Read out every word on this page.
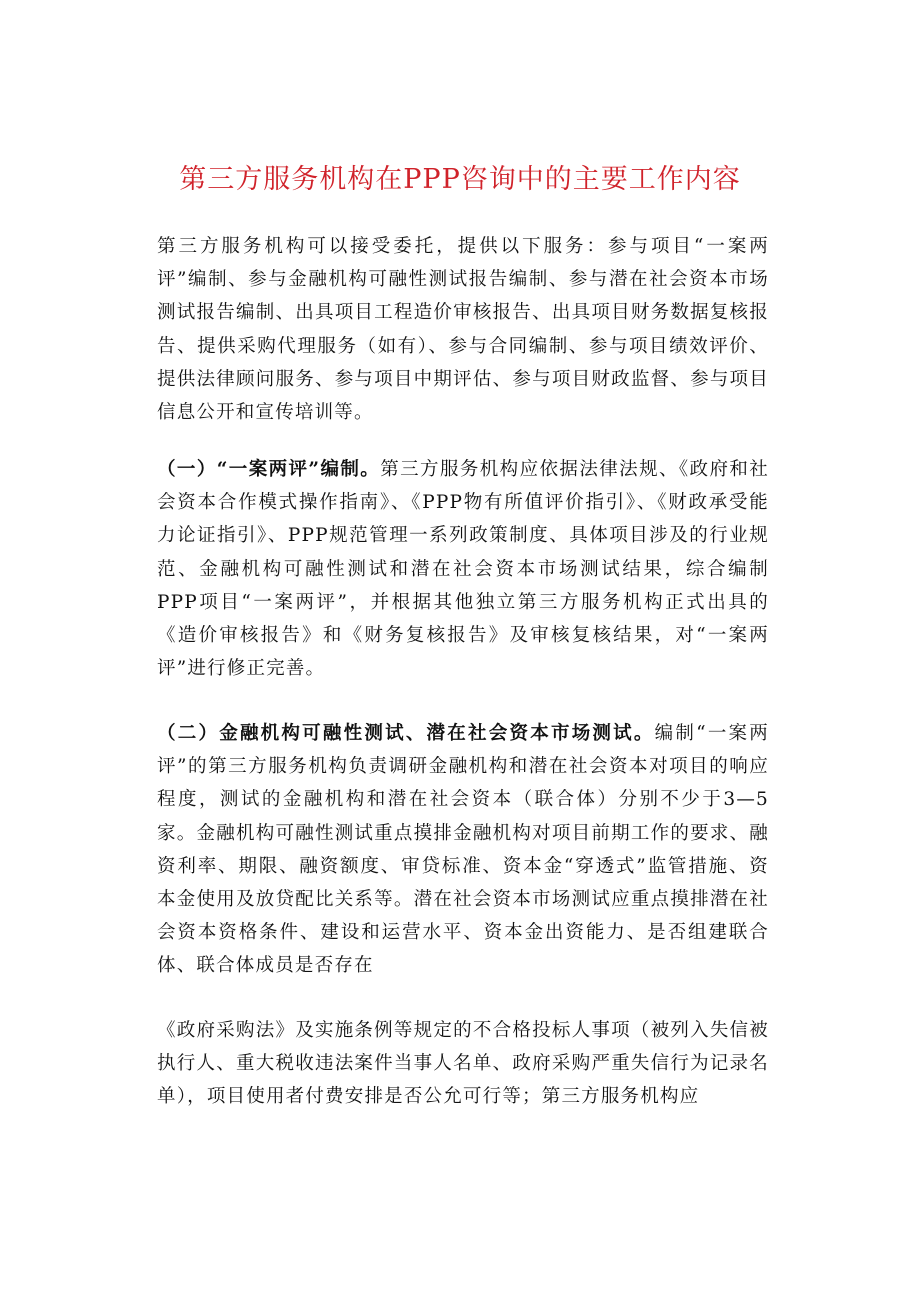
第三方服务机构在PPP咨询中的主要工作内容

第三方服务机构可以接受委托，提供以下服务：参与项目“一案两评”编制、参与金融机构可融性测试报告编制、参与潜在社会资本市场测试报告编制、出具项目工程造价审核报告、出具项目财务数据复核报告、提供采购代理服务（如有）、参与合同编制、参与项目绩效评价、提供法律顾问服务、参与项目中期评估、参与项目财政监督、参与项目信息公开和宣传培训等。

（一）“一案两评”编制。第三方服务机构应依据法律法规、《政府和社会资本合作模式操作指南》、《PPP物有所值评价指引》、《财政承受能力论证指引》、PPP规范管理一系列政策制度、具体项目涉及的行业规范、金融机构可融性测试和潜在社会资本市场测试结果，综合编制PPP项目“一案两评”，并根据其他独立第三方服务机构正式出具的《造价审核报告》和《财务复核报告》及审核复核结果，对“一案两评”进行修正完善。

（二）金融机构可融性测试、潜在社会资本市场测试。编制“一案两评”的第三方服务机构负责调研金融机构和潜在社会资本对项目的响应程度，测试的金融机构和潜在社会资本（联合体）分别不少于3—5家。金融机构可融性测试重点摸排金融机构对项目前期工作的要求、融资利率、期限、融资额度、审贷标准、资本金“穿透式”监管措施、资本金使用及放贷配比关系等。潜在社会资本市场测试应重点摸排潜在社会资本资格条件、建设和运营水平、资本金出资能力、是否组建联合体、联合体成员是否存在

《政府采购法》及实施条例等规定的不合格投标人事项（被列入失信被执行人、重大税收违法案件当事人名单、政府采购严重失信行为记录名单），项目使用者付费安排是否公允可行等；第三方服务机构应
